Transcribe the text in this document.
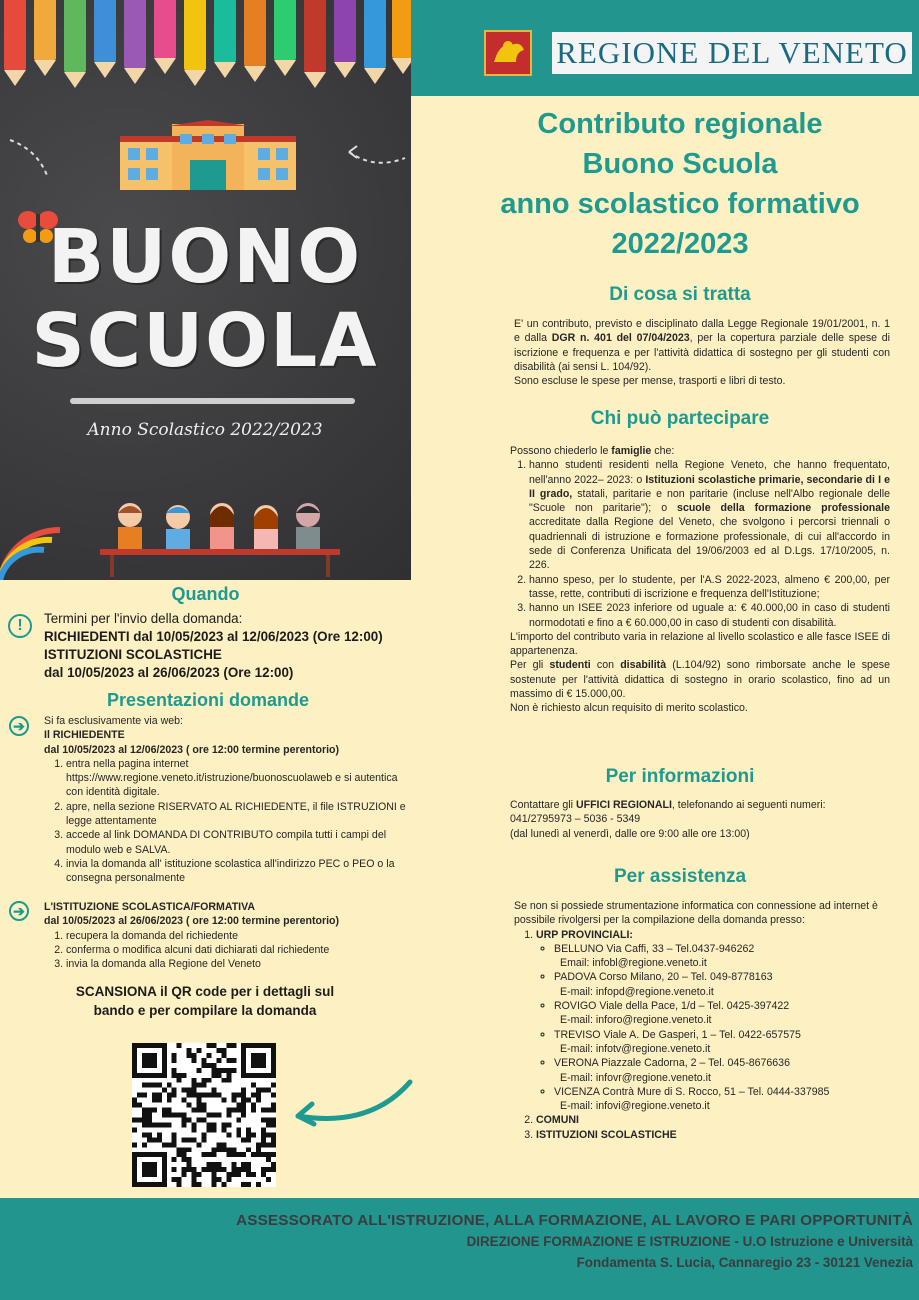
BUONO
SCUOLA
Anno Scolastico 2022/2023
REGIONE DEL VENETO
Contributo regionale
Buono Scuola
anno scolastico formativo
2022/2023
Di cosa si tratta

E' un contributo, previsto e disciplinato dalla Legge Regionale 19/01/2001, n. 1 e dalla DGR n. 401 del 07/04/2023, per la copertura parziale delle spese di iscrizione e frequenza e per l'attività didattica di sostegno per gli studenti con disabilità (ai sensi L. 104/92).

Sono escluse le spese per mense, trasporti e libri di testo.

Chi può partecipare

Possono chiederlo le famiglie che:

1. hanno studenti residenti nella Regione Veneto, che hanno frequentato, nell'anno 2022– 2023: o Istituzioni scolastiche primarie, secondarie di I e II grado, statali, paritarie e non paritarie (incluse nell'Albo regionale delle "Scuole non paritarie"); o scuole della formazione professionale accreditate dalla Regione del Veneto, che svolgono i percorsi triennali o quadriennali di istruzione e formazione professionale, di cui all'accordo in sede di Conferenza Unificata del 19/06/2003 ed al D.Lgs. 17/10/2005, n. 226.
2. hanno speso, per lo studente, per l'A.S 2022-2023, almeno € 200,00, per tasse, rette, contributi di iscrizione e frequenza dell'Istituzione;
3. hanno un ISEE 2023 inferiore od uguale a: € 40.000,00 in caso di studenti normodotati e fino a € 60.000,00 in caso di studenti con disabilità.

L'importo del contributo varia in relazione al livello scolastico e alle fasce ISEE di appartenenza.

Per gli studenti con disabilità (L.104/92) sono rimborsate anche le spese sostenute per l'attività didattica di sostegno in orario scolastico, fino ad un massimo di € 15.000,00.

Non è richiesto alcun requisito di merito scolastico.

Per informazioni

Contattare gli UFFICI REGIONALI, telefonando ai seguenti numeri:

041/2795973 – 5036 - 5349

(dal lunedì al venerdì, dalle ore 9:00 alle ore 13:00)

Per assistenza

Se non si possiede strumentazione informatica con connessione ad internet è possibile rivolgersi per la compilazione della domanda presso:

1. URP PROVINCIALI:
◦ BELLUNO Via Caffi, 33 – Tel.0437-946262
Email: infobl@regione.veneto.it
◦ PADOVA Corso Milano, 20 – Tel. 049-8778163
E-mail: infopd@regione.veneto.it
◦ ROVIGO Viale della Pace, 1/d – Tel. 0425-397422
E-mail: inforo@regione.veneto.it
◦ TREVISO Viale A. De Gasperi, 1 – Tel. 0422-657575
E-mail: infotv@regione.veneto.it
◦ VERONA Piazzale Cadorna, 2 – Tel. 045-8676636
E-mail: infovr@regione.veneto.it
◦ VICENZA Contrà Mure di S. Rocco, 51 – Tel. 0444-337985
E-mail: infovi@regione.veneto.it
2. COMUNI
3. ISTITUZIONI SCOLASTICHE
Quando
!	Termini per l'invio della domanda:

RICHIEDENTI dal 10/05/2023 al 12/06/2023 (Ore 12:00)

ISTITUZIONI SCOLASTICHE

dal 10/05/2023 al 26/06/2023 (Ore 12:00)

Presentazioni domande
➔	Si fa esclusivamente via web:

Il RICHIEDENTE

dal 10/05/2023 al 12/06/2023 ( ore 12:00 termine perentorio)

1. entra nella pagina internet https://www.regione.veneto.it/istruzione/buonoscuolaweb e si autentica con identità digitale.
2. apre, nella sezione RISERVATO AL RICHIEDENTE, il file ISTRUZIONI e legge attentamente
3. accede al link DOMANDA DI CONTRIBUTO compila tutti i campi del modulo web e SALVA.
4. invia la domanda all' istituzione scolastica all'indirizzo PEC o PEO o la consegna personalmente
➔	L'ISTITUZIONE SCOLASTICA/FORMATIVA

dal 10/05/2023 al 26/06/2023 ( ore 12:00 termine perentorio)

1. recupera la domanda del richiedente
2. conferma o modifica alcuni dati dichiarati dal richiedente
3. invia la domanda alla Regione del Veneto
SCANSIONA il QR code per i dettagli sul bando e per compilare la domanda
ASSESSORATO ALL'ISTRUZIONE, ALLA FORMAZIONE, AL LAVORO E PARI OPPORTUNITÀ
DIREZIONE FORMAZIONE E ISTRUZIONE - U.O Istruzione e Università
Fondamenta S. Lucia, Cannaregio 23 - 30121 Venezia
